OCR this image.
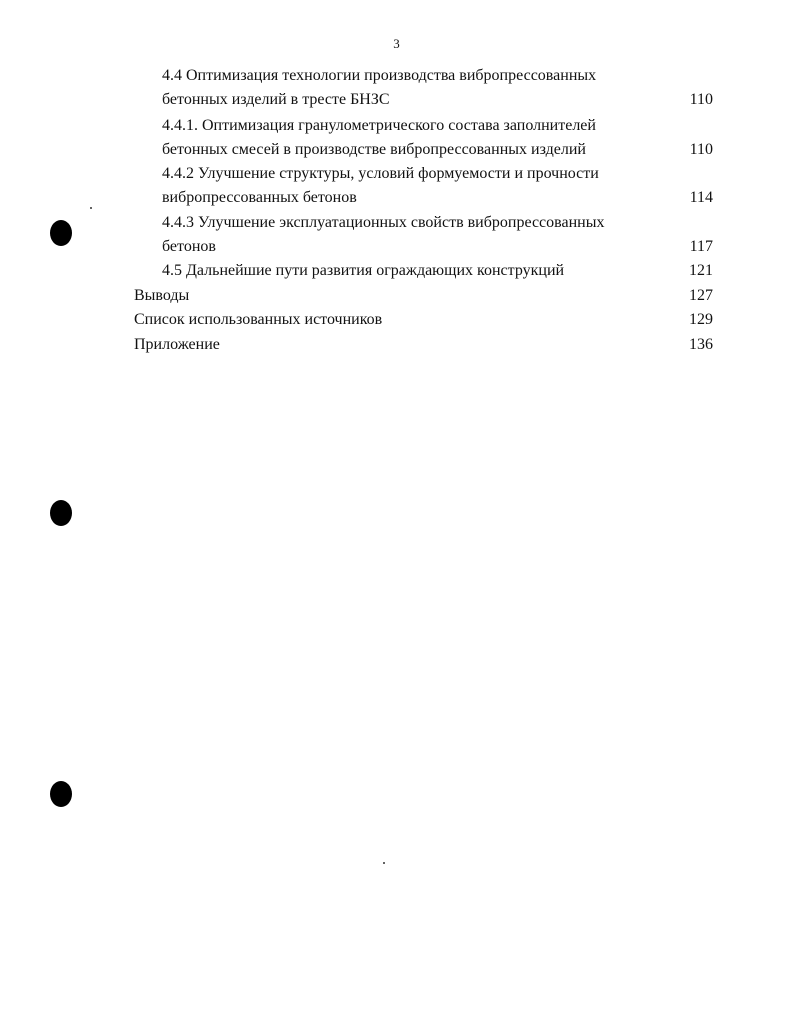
3
4.4 Оптимизация технологии производства вибропрессованных
бетонных изделий в тресте БНЗС	110
4.4.1. Оптимизация гранулометрического состава заполнителей
бетонных смесей в производстве вибропрессованных изделий	110
4.4.2 Улучшение структуры, условий формуемости и прочности
вибропрессованных бетонов	114
4.4.3 Улучшение эксплуатационных свойств вибропрессованных
бетонов	117
4.5 Дальнейшие пути развития ограждающих конструкций	121
Выводы	127
Список использованных источников	129
Приложение	136
